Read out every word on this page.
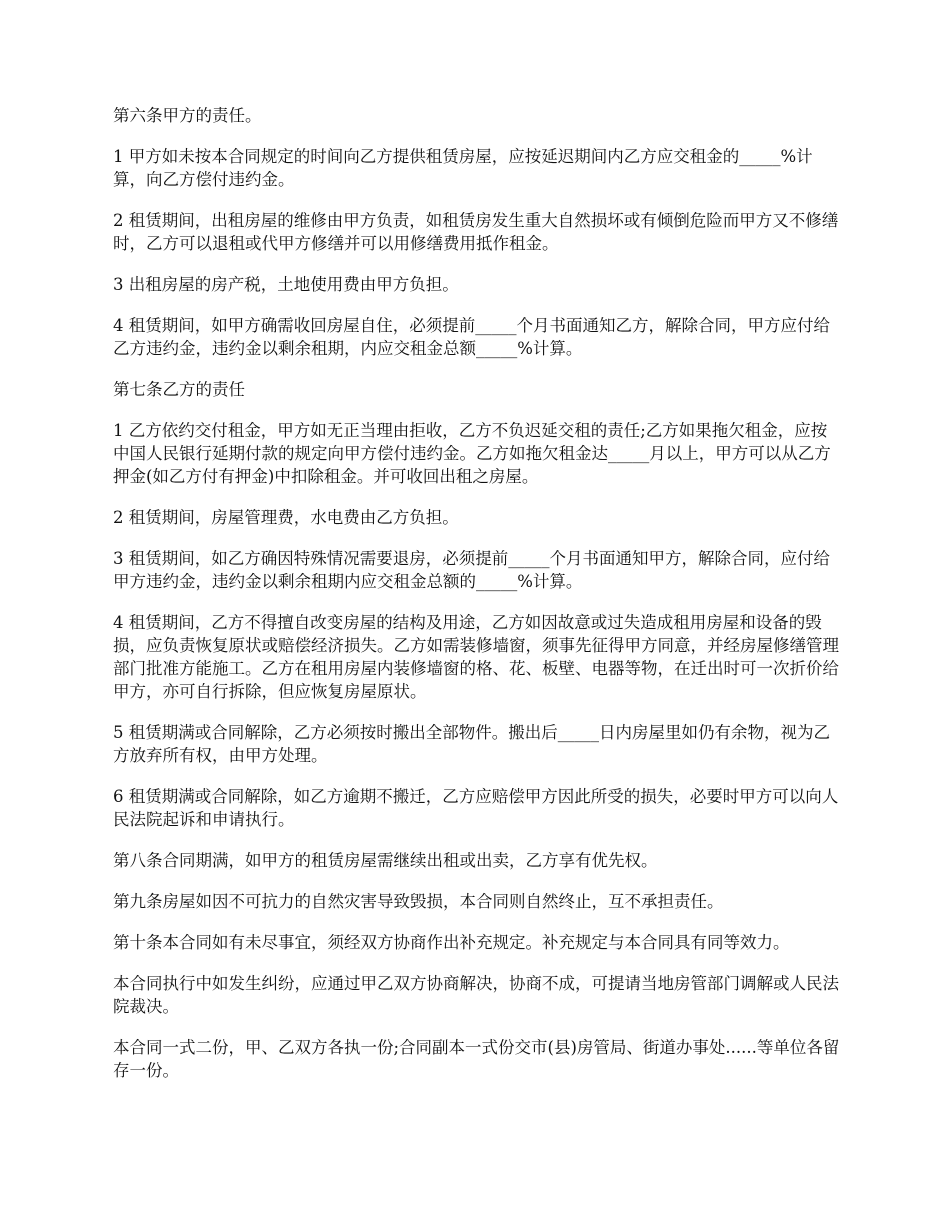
第六条甲方的责任。

1 甲方如未按本合同规定的时间向乙方提供租赁房屋，应按延迟期间内乙方应交租金的_____%计算，向乙方偿付违约金。

2 租赁期间，出租房屋的维修由甲方负责，如租赁房发生重大自然损坏或有倾倒危险而甲方又不修缮时，乙方可以退租或代甲方修缮并可以用修缮费用抵作租金。

3 出租房屋的房产税，土地使用费由甲方负担。

4 租赁期间，如甲方确需收回房屋自住，必须提前_____个月书面通知乙方，解除合同，甲方应付给乙方违约金，违约金以剩余租期，内应交租金总额_____%计算。

第七条乙方的责任

1 乙方依约交付租金，甲方如无正当理由拒收，乙方不负迟延交租的责任;乙方如果拖欠租金，应按中国人民银行延期付款的规定向甲方偿付违约金。乙方如拖欠租金达_____月以上，甲方可以从乙方押金(如乙方付有押金)中扣除租金。并可收回出租之房屋。

2 租赁期间，房屋管理费，水电费由乙方负担。

3 租赁期间，如乙方确因特殊情况需要退房，必须提前_____个月书面通知甲方，解除合同，应付给甲方违约金，违约金以剩余租期内应交租金总额的_____%计算。

4 租赁期间，乙方不得擅自改变房屋的结构及用途，乙方如因故意或过失造成租用房屋和设备的毁损，应负责恢复原状或赔偿经济损失。乙方如需装修墙窗，须事先征得甲方同意，并经房屋修缮管理部门批准方能施工。乙方在租用房屋内装修墙窗的格、花、板壁、电器等物，在迁出时可一次折价给甲方，亦可自行拆除，但应恢复房屋原状。

5 租赁期满或合同解除，乙方必须按时搬出全部物件。搬出后_____日内房屋里如仍有余物，视为乙方放弃所有权，由甲方处理。

6 租赁期满或合同解除，如乙方逾期不搬迁，乙方应赔偿甲方因此所受的损失，必要时甲方可以向人民法院起诉和申请执行。

第八条合同期满，如甲方的租赁房屋需继续出租或出卖，乙方享有优先权。

第九条房屋如因不可抗力的自然灾害导致毁损，本合同则自然终止，互不承担责任。

第十条本合同如有未尽事宜，须经双方协商作出补充规定。补充规定与本合同具有同等效力。

本合同执行中如发生纠纷，应通过甲乙双方协商解决，协商不成，可提请当地房管部门调解或人民法院裁决。

本合同一式二份，甲、乙双方各执一份;合同副本一式份交市(县)房管局、街道办事处......等单位各留存一份。
